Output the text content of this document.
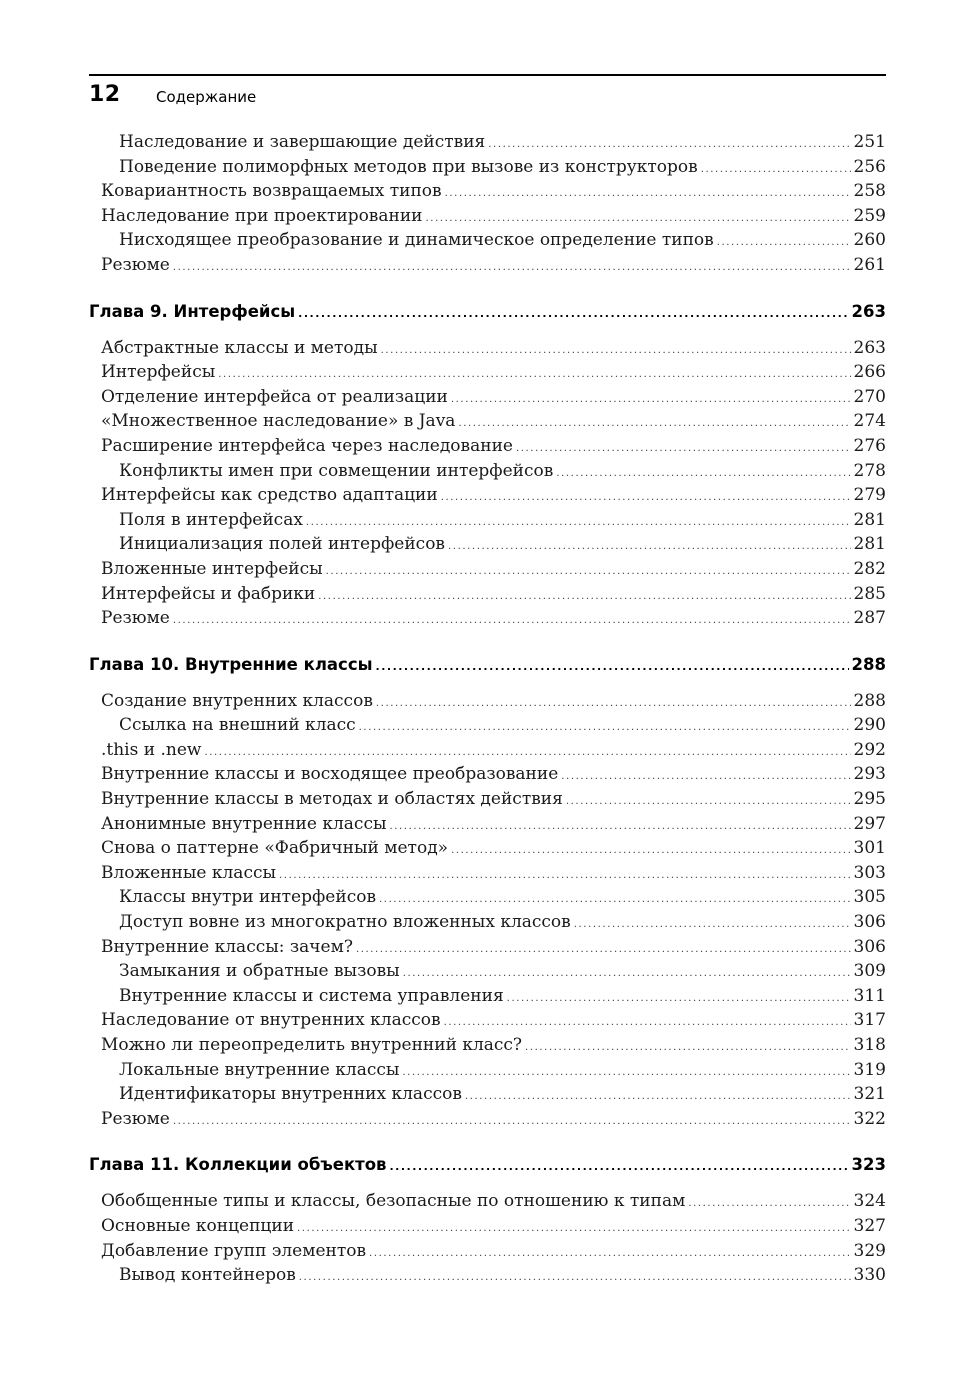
12 Содержание
Наследование и завершающие действия .....	251
Поведение полиморфных методов при вызове из конструкторов .....	256
Ковариантность возвращаемых типов .....	258
Наследование при проектировании .....	259
Нисходящее преобразование и динамическое определение типов .....	260
Резюме .....	261
Глава 9. Интерфейсы .....	263
Абстрактные классы и методы .....	263
Интерфейсы .....	266
Отделение интерфейса от реализации .....	270
«Множественное наследование» в Java .....	274
Расширение интерфейса через наследование .....	276
Конфликты имен при совмещении интерфейсов .....	278
Интерфейсы как средство адаптации .....	279
Поля в интерфейсах .....	281
Инициализация полей интерфейсов .....	281
Вложенные интерфейсы .....	282
Интерфейсы и фабрики .....	285
Резюме .....	287
Глава 10. Внутренние классы .....	288
Создание внутренних классов .....	288
Ссылка на внешний класс .....	290
.this и .new .....	292
Внутренние классы и восходящее преобразование .....	293
Внутренние классы в методах и областях действия .....	295
Анонимные внутренние классы .....	297
Снова о паттерне «Фабричный метод» .....	301
Вложенные классы .....	303
Классы внутри интерфейсов .....	305
Доступ вовне из многократно вложенных классов .....	306
Внутренние классы: зачем? .....	306
Замыкания и обратные вызовы .....	309
Внутренние классы и система управления .....	311
Наследование от внутренних классов .....	317
Можно ли переопределить внутренний класс? .....	318
Локальные внутренние классы .....	319
Идентификаторы внутренних классов .....	321
Резюме .....	322
Глава 11. Коллекции объектов .....	323
Обобщенные типы и классы, безопасные по отношению к типам .....	324
Основные концепции .....	327
Добавление групп элементов .....	329
Вывод контейнеров .....	330
